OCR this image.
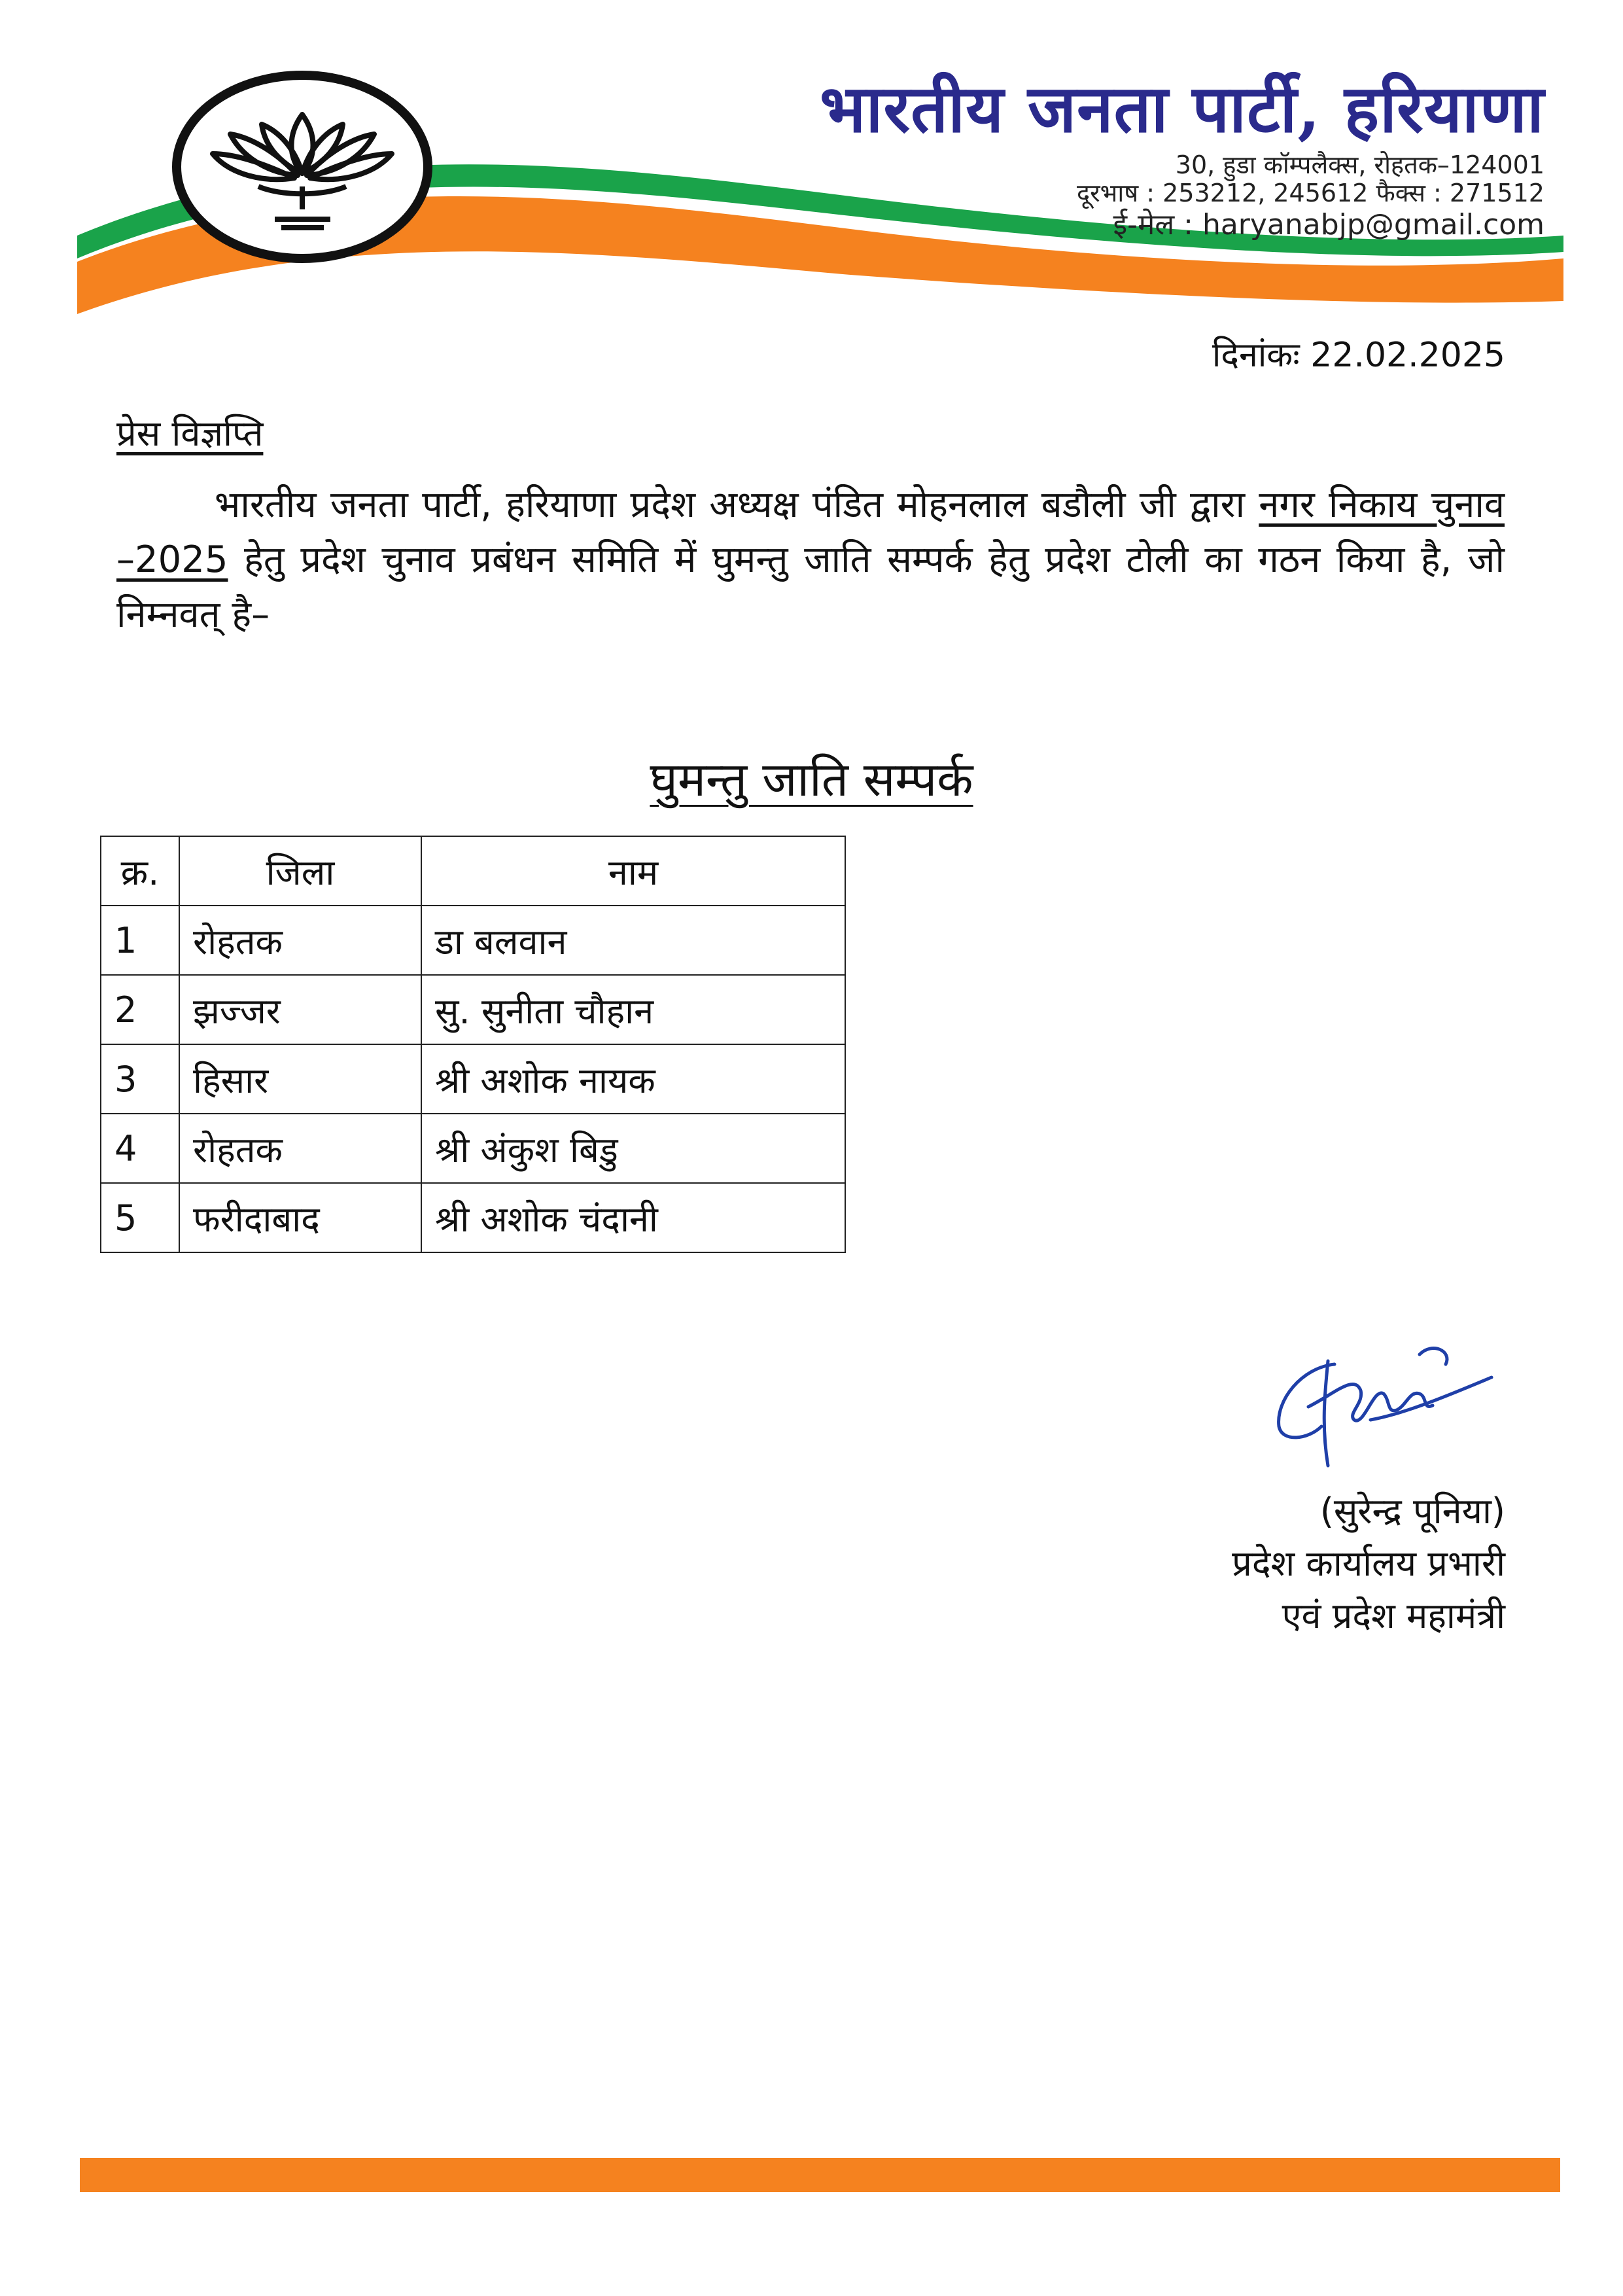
भारतीय जनता पार्टी, हरियाणा
30, हुडा कॉम्पलैक्स, रोहतक–124001
दूरभाष : 253212, 245612 फैक्स : 271512
ई-मेल : haryanabjp@gmail.com
दिनांकः 22.02.2025
प्रेस विज्ञप्ति
भारतीय जनता पार्टी, हरियाणा प्रदेश अध्यक्ष पंडित मोहनलाल बडौली जी द्वारा नगर निकाय चुनाव –2025 हेतु प्रदेश चुनाव प्रबंधन समिति में घुमन्तु जाति सम्पर्क हेतु प्रदेश टोली का गठन किया है, जो निम्नवत् है–
घुमन्तु जाति सम्पर्क
क्र.	जिला	नाम
1	रोहतक	डा बलवान
2	झज्जर	सु. सुनीता चौहान
3	हिसार	श्री अशोक नायक
4	रोहतक	श्री अंकुश बिडु
5	फरीदाबाद	श्री अशोक चंदानी
(सुरेन्द्र पूनिया)
प्रदेश कार्यालय प्रभारी
एवं प्रदेश महामंत्री
